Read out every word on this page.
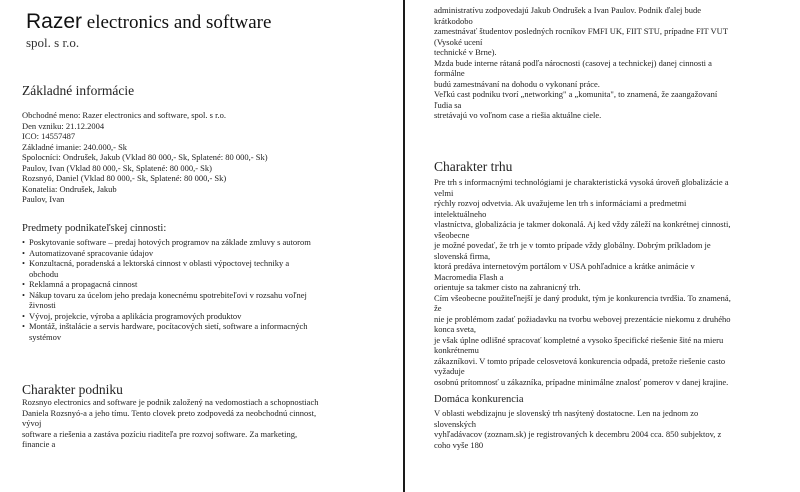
Razer electronics and software
spol. s r.o.
Základné informácie
Obchodné meno: Razer electronics and software, spol. s r.o.
Den vzniku: 21.12.2004
ICO: 14557487
Základné imanie: 240.000,- Sk
Spolocníci: Ondrušek, Jakub (Vklad 80 000,- Sk, Splatené: 80 000,- Sk)
Paulov, Ivan (Vklad 80 000,- Sk, Splatené: 80 000,- Sk)
Rozsnyó, Daniel (Vklad 80 000,- Sk, Splatené: 80 000,- Sk)
Konatelia: Ondrušek, Jakub
Paulov, Ivan
Predmety podnikateľskej cinnosti:
• Poskytovanie software – predaj hotových programov na základe zmluvy s autorom
• Automatizované spracovanie údajov
• Konzultacná, poradenská a lektorská cinnost v oblasti výpoctovej techniky a
obchodu
• Reklamná a propagacná cinnost
• Nákup tovaru za úcelom jeho predaja konecnému spotrebiteľovi v rozsahu voľnej
živnosti
• Vývoj, projekcie, výroba a aplikácia programových produktov
• Montáž, inštalácie a servis hardware, pocítacových sietí, software a informacných
systémov
Charakter podniku
Rozsnyo electronics and software je podnik založený na vedomostiach a schopnostiach
Daniela Rozsnyó-a a jeho tímu. Tento clovek preto zodpovedá za neobchodnú cinnost,
vývoj
software a riešenia a zastáva pozíciu riaditeľa pre rozvoj software. Za marketing,
financie a
administratívu zodpovedajú Jakub Ondrušek a Ivan Paulov. Podnik ďalej bude
krátkodobo
zamestnávať študentov posledných rocníkov FMFI UK, FIIT STU, prípadne FIT VUT
(Vysoké ucení
technické v Brne).
Mzda bude interne rátaná podľa nárocnosti (casovej a technickej) danej cinnosti a
formálne
budú zamestnávaní na dohodu o vykonaní práce.
Veľkú cast podniku tvorí „networking" a „komunita", to znamená, že zaangažovaní
ľudia sa
stretávajú vo voľnom case a riešia aktuálne ciele.
Charakter trhu
Pre trh s informacnými technológiami je charakteristická vysoká úroveň globalizácie a
velmi
rýchly rozvoj odvetvia. Ak uvažujeme len trh s informáciami a predmetmi
intelektuálneho
vlastníctva, globalizácia je takmer dokonalá. Aj ked vždy záleží na konkrétnej cinnosti,
všeobecne
je možné povedať, že trh je v tomto prípade vždy globálny. Dobrým príkladom je
slovenská firma,
ktorá predáva internetovým portálom v USA pohľadnice a krátke animácie v
Macromedia Flash a
orientuje sa takmer cisto na zahranicný trh.
Cím všeobecne použiteľnejší je daný produkt, tým je konkurencia tvrdšia. To znamená,
že
nie je problémom zadať požiadavku na tvorbu webovej prezentácie niekomu z druhého
konca sveta,
je však úplne odlišné spracovať kompletné a vysoko špecifické riešenie šité na mieru
konkrétnemu
zákazníkovi. V tomto prípade celosvetová konkurencia odpadá, pretože riešenie casto
vyžaduje
osobnú prítomnosť u zákazníka, prípadne minimálne znalosť pomerov v danej krajine.
Domáca konkurencia
V oblasti webdizajnu je slovenský trh nasýtený dostatocne. Len na jednom zo
slovenských
vyhľadávacov (zoznam.sk) je registrovaných k decembru 2004 cca. 850 subjektov, z
coho vyše 180
